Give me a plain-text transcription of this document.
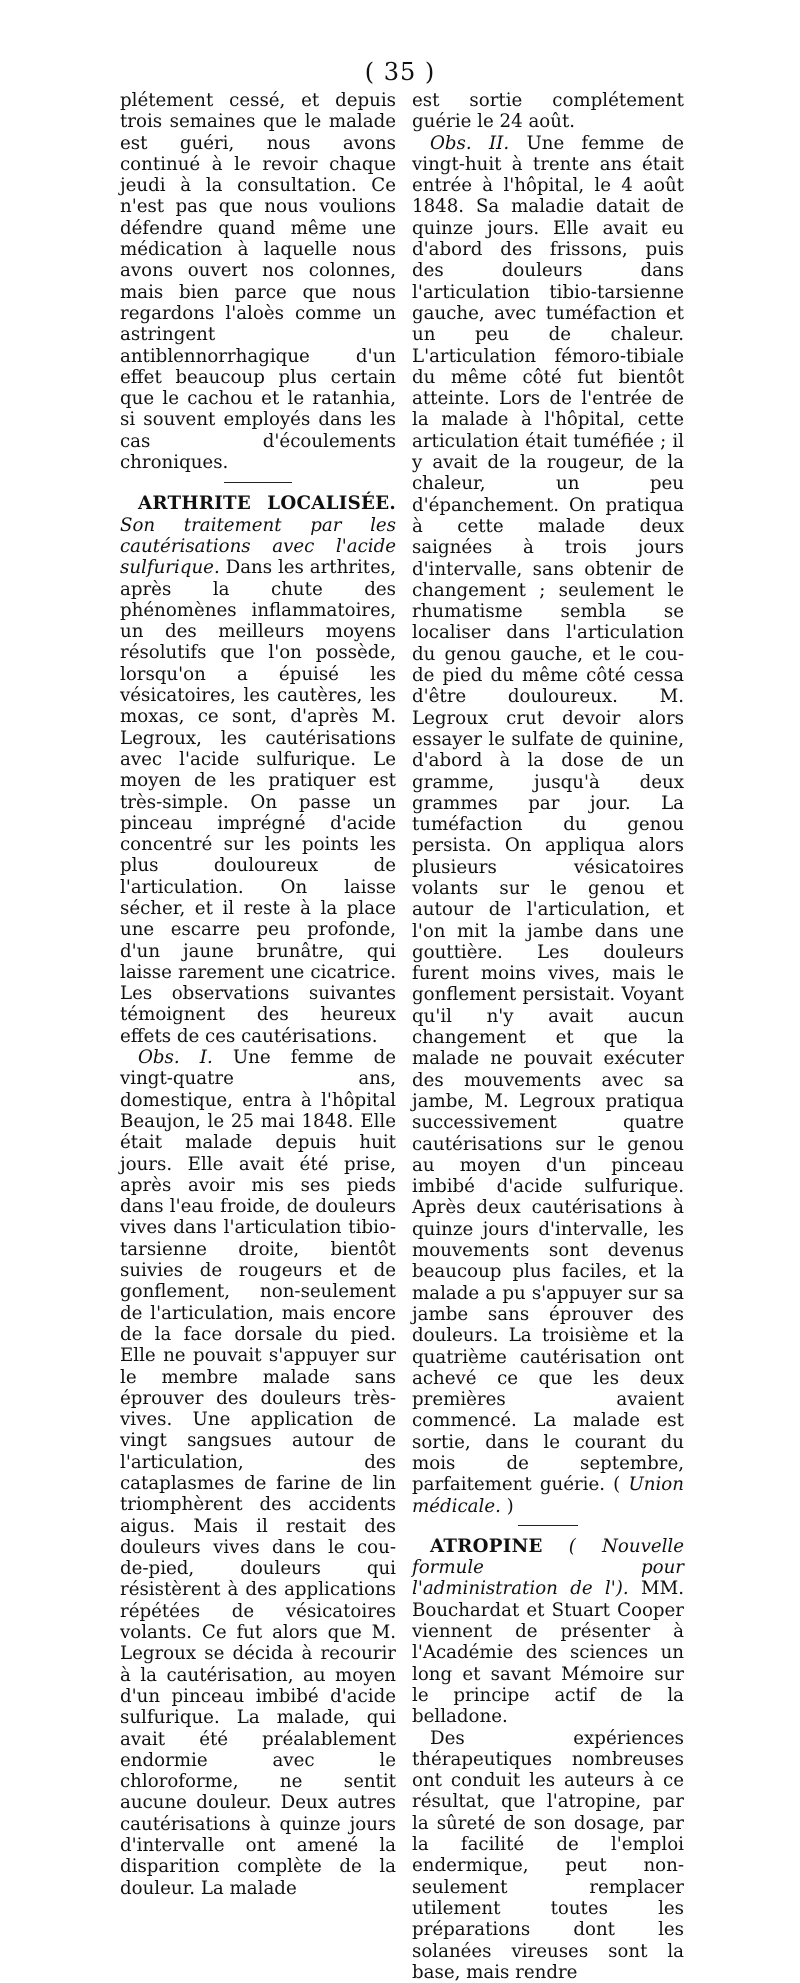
( 35 )

plétement cessé, et depuis trois semaines que le malade est guéri, nous avons continué à le revoir chaque jeudi à la consultation. Ce n'est pas que nous voulions défendre quand même une médication à laquelle nous avons ouvert nos colonnes, mais bien parce que nous regardons l'aloès comme un astringent antiblennorrhagique d'un effet beaucoup plus certain que le cachou et le ratanhia, si souvent employés dans les cas d'écoulements chroniques.

ARTHRITE LOCALISÉE. Son traitement par les cautérisations avec l'acide sulfurique. Dans les arthrites, après la chute des phénomènes inflammatoires, un des meilleurs moyens résolutifs que l'on possède, lorsqu'on a épuisé les vésicatoires, les cautères, les moxas, ce sont, d'après M. Legroux, les cautérisations avec l'acide sulfurique. Le moyen de les pratiquer est très-simple. On passe un pinceau imprégné d'acide concentré sur les points les plus douloureux de l'articulation. On laisse sécher, et il reste à la place une escarre peu profonde, d'un jaune brunâtre, qui laisse rarement une cicatrice. Les observations suivantes témoignent des heureux effets de ces cautérisations.

Obs. I. Une femme de vingt-quatre ans, domestique, entra à l'hôpital Beaujon, le 25 mai 1848. Elle était malade depuis huit jours. Elle avait été prise, après avoir mis ses pieds dans l'eau froide, de douleurs vives dans l'articulation tibio-tarsienne droite, bientôt suivies de rougeurs et de gonflement, non-seulement de l'articulation, mais encore de la face dorsale du pied. Elle ne pouvait s'appuyer sur le membre malade sans éprouver des douleurs très-vives. Une application de vingt sangsues autour de l'articulation, des cataplasmes de farine de lin triomphèrent des accidents aigus. Mais il restait des douleurs vives dans le cou-de-pied, douleurs qui résistèrent à des applications répétées de vésicatoires volants. Ce fut alors que M. Legroux se décida à recourir à la cautérisation, au moyen d'un pinceau imbibé d'acide sulfurique. La malade, qui avait été préalablement endormie avec le chloroforme, ne sentit aucune douleur. Deux autres cautérisations à quinze jours d'intervalle ont amené la disparition complète de la douleur. La malade

est sortie complétement guérie le 24 août.

Obs. II. Une femme de vingt-huit à trente ans était entrée à l'hôpital, le 4 août 1848. Sa maladie datait de quinze jours. Elle avait eu d'abord des frissons, puis des douleurs dans l'articulation tibio-tarsienne gauche, avec tuméfaction et un peu de chaleur. L'articulation fémoro-tibiale du même côté fut bientôt atteinte. Lors de l'entrée de la malade à l'hôpital, cette articulation était tuméfiée ; il y avait de la rougeur, de la chaleur, un peu d'épanchement. On pratiqua à cette malade deux saignées à trois jours d'intervalle, sans obtenir de changement ; seulement le rhumatisme sembla se localiser dans l'articulation du genou gauche, et le cou-de pied du même côté cessa d'être douloureux. M. Legroux crut devoir alors essayer le sulfate de quinine, d'abord à la dose de un gramme, jusqu'à deux grammes par jour. La tuméfaction du genou persista. On appliqua alors plusieurs vésicatoires volants sur le genou et autour de l'articulation, et l'on mit la jambe dans une gouttière. Les douleurs furent moins vives, mais le gonflement persistait. Voyant qu'il n'y avait aucun changement et que la malade ne pouvait exécuter des mouvements avec sa jambe, M. Legroux pratiqua successivement quatre cautérisations sur le genou au moyen d'un pinceau imbibé d'acide sulfurique. Après deux cautérisations à quinze jours d'intervalle, les mouvements sont devenus beaucoup plus faciles, et la malade a pu s'appuyer sur sa jambe sans éprouver des douleurs. La troisième et la quatrième cautérisation ont achevé ce que les deux premières avaient commencé. La malade est sortie, dans le courant du mois de septembre, parfaitement guérie. ( Union médicale. )

ATROPINE ( Nouvelle formule pour l'administration de l'). MM. Bouchardat et Stuart Cooper viennent de présenter à l'Académie des sciences un long et savant Mémoire sur le principe actif de la belladone.

Des expériences thérapeutiques nombreuses ont conduit les auteurs à ce résultat, que l'atropine, par la sûreté de son dosage, par la facilité de l'emploi endermique, peut non-seulement remplacer utilement toutes les préparations dont les solanées vireuses sont la base, mais rendre
